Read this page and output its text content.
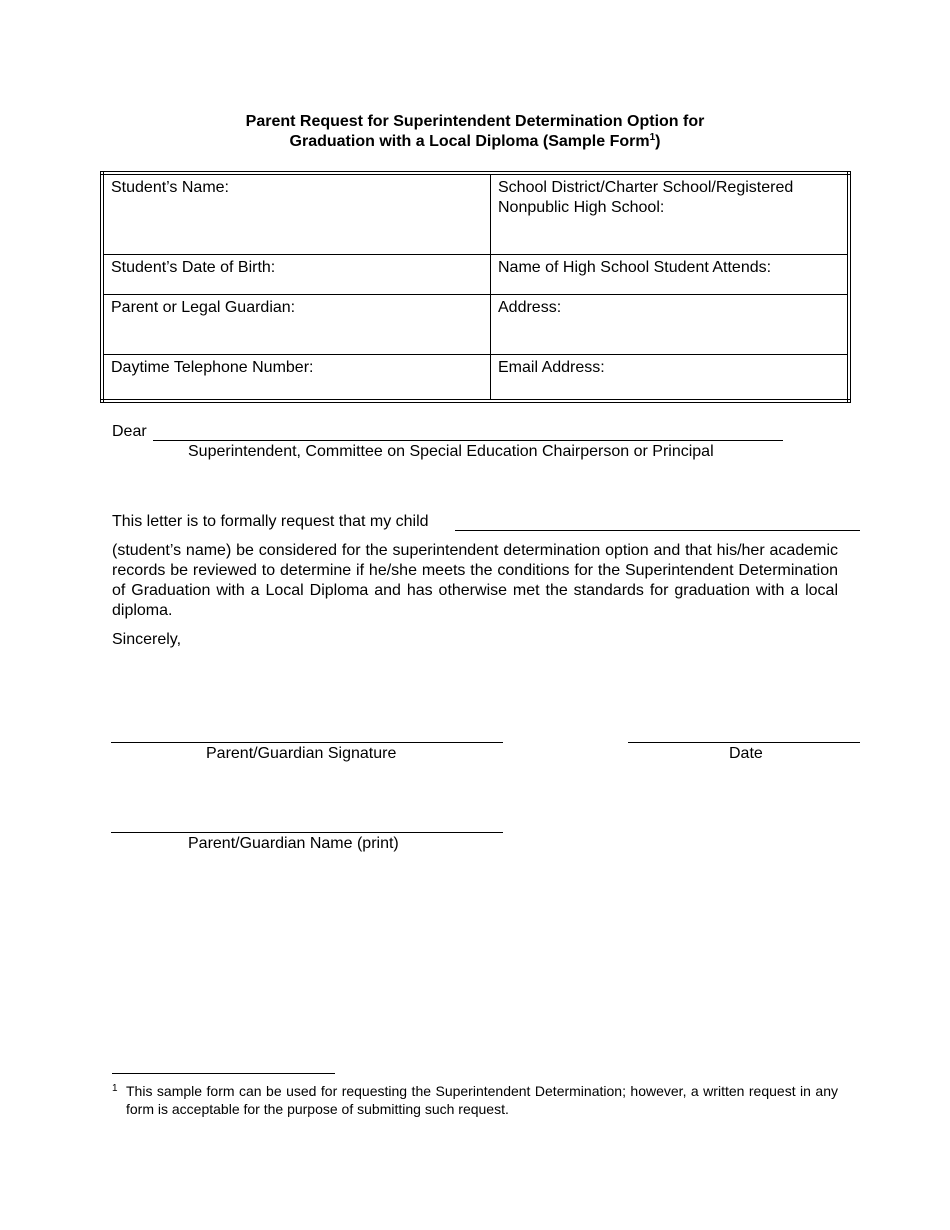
Parent Request for Superintendent Determination Option for
Graduation with a Local Diploma (Sample Form$^1$)
Student’s Name:	School District/Charter School/Registered Nonpublic High School:
Student’s Date of Birth:	Name of High School Student Attends:
Parent or Legal Guardian:	Address:
Daytime Telephone Number:	Email Address:
Dear
Superintendent, Committee on Special Education Chairperson or Principal
This letter is to formally request that my child
(student’s name) be considered for the superintendent determination option and that his/her academic records be reviewed to determine if he/she meets the conditions for the Superintendent Determination of Graduation with a Local Diploma and has otherwise met the standards for graduation with a local diploma.
Sincerely,
Parent/Guardian Signature	Date
Parent/Guardian Name (print)
1 This sample form can be used for requesting the Superintendent Determination; however, a written request in any form is acceptable for the purpose of submitting such request.
